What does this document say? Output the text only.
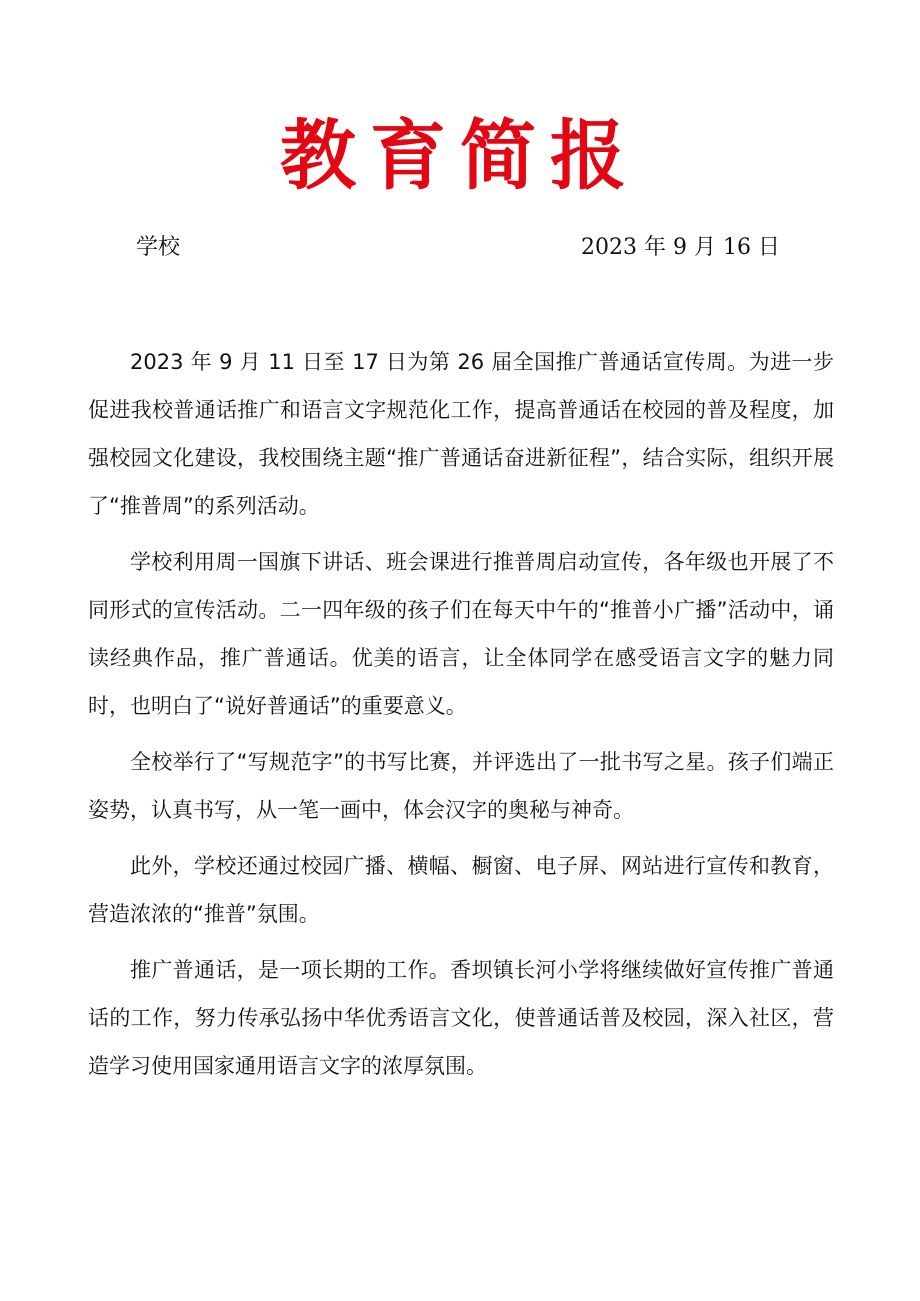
教育简报
学校	2023 年 9 月 16 日

2023 年 9 月 11 日至 17 日为第 26 届全国推广普通话宣传周。为进一步促进我校普通话推广和语言文字规范化工作，提高普通话在校园的普及程度，加强校园文化建设，我校围绕主题“推广普通话奋进新征程”，结合实际，组织开展了“推普周”的系列活动。

学校利用周一国旗下讲话、班会课进行推普周启动宣传，各年级也开展了不同形式的宣传活动。二一四年级的孩子们在每天中午的“推普小广播”活动中，诵读经典作品，推广普通话。优美的语言，让全体同学在感受语言文字的魅力同时，也明白了“说好普通话”的重要意义。

全校举行了“写规范字”的书写比赛，并评选出了一批书写之星。孩子们端正姿势，认真书写，从一笔一画中，体会汉字的奥秘与神奇。

此外，学校还通过校园广播、横幅、橱窗、电子屏、网站进行宣传和教育，营造浓浓的“推普”氛围。

推广普通话，是一项长期的工作。香坝镇长河小学将继续做好宣传推广普通话的工作，努力传承弘扬中华优秀语言文化，使普通话普及校园，深入社区，营造学习使用国家通用语言文字的浓厚氛围。
